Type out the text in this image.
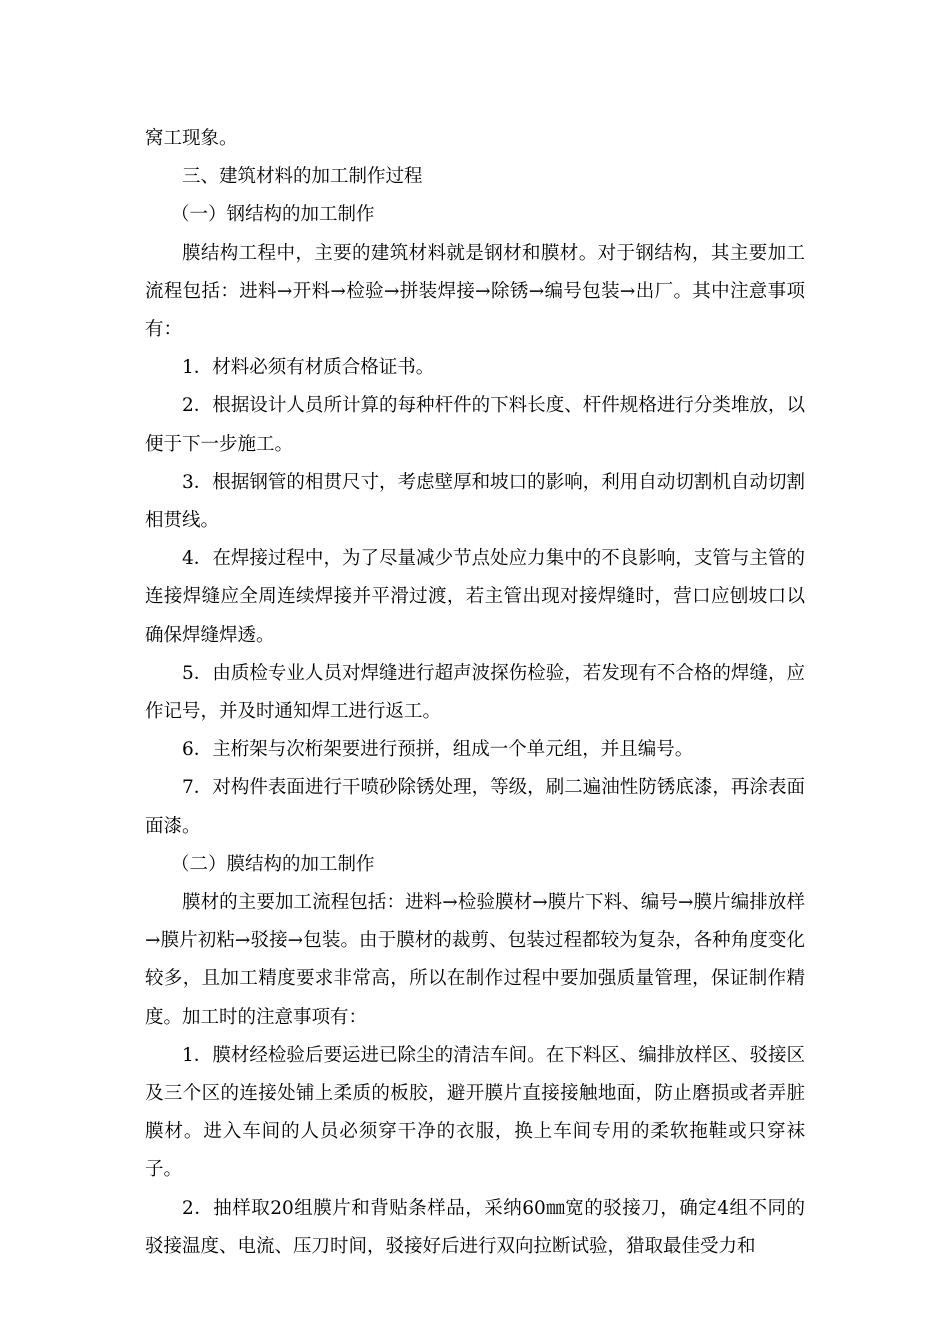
窝工现象。

三、建筑材料的加工制作过程

（一）钢结构的加工制作

膜结构工程中，主要的建筑材料就是钢材和膜材。对于钢结构，其主要加工流程包括：进料→开料→检验→拼装焊接→除锈→编号包装→出厂。其中注意事项有：

1．材料必须有材质合格证书。

2．根据设计人员所计算的每种杆件的下料长度、杆件规格进行分类堆放，以便于下一步施工。

3．根据钢管的相贯尺寸，考虑壁厚和坡口的影响，利用自动切割机自动切割相贯线。

4．在焊接过程中，为了尽量减少节点处应力集中的不良影响，支管与主管的连接焊缝应全周连续焊接并平滑过渡，若主管出现对接焊缝时，营口应刨坡口以确保焊缝焊透。

5．由质检专业人员对焊缝进行超声波探伤检验，若发现有不合格的焊缝，应作记号，并及时通知焊工进行返工。

6．主桁架与次桁架要进行预拼，组成一个单元组，并且编号。

7．对构件表面进行干喷砂除锈处理，等级，刷二遍油性防锈底漆，再涂表面面漆。

（二）膜结构的加工制作

膜材的主要加工流程包括：进料→检验膜材→膜片下料、编号→膜片编排放样→膜片初粘→驳接→包装。由于膜材的裁剪、包装过程都较为复杂，各种角度变化较多，且加工精度要求非常高，所以在制作过程中要加强质量管理，保证制作精度。加工时的注意事项有：

1．膜材经检验后要运进已除尘的清洁车间。在下料区、编排放样区、驳接区及三个区的连接处铺上柔质的板胶，避开膜片直接接触地面，防止磨损或者弄脏膜材。进入车间的人员必须穿干净的衣服，换上车间专用的柔软拖鞋或只穿袜子。

2．抽样取20组膜片和背贴条样品，采纳60㎜宽的驳接刀，确定4组不同的驳接温度、电流、压刀时间，驳接好后进行双向拉断试验，猎取最佳受力和
